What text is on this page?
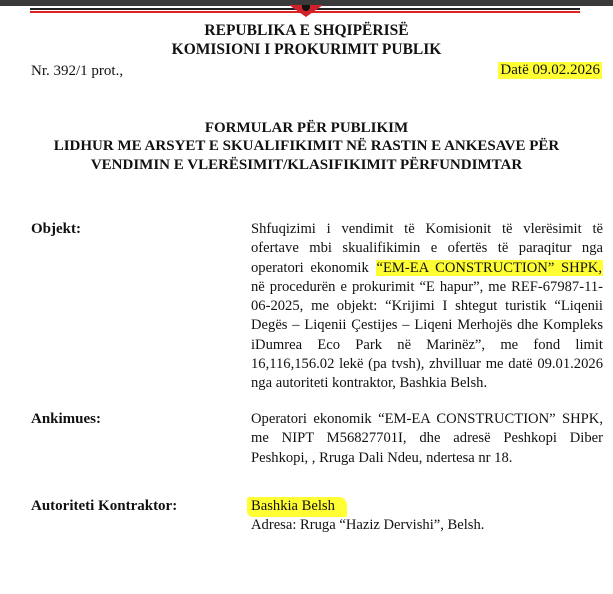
REPUBLIKA E SHQIPËRISË
KOMISIONI I PROKURIMIT PUBLIK
Nr. 392/1 prot.,	Datë 09.02.2026
FORMULAR PËR PUBLIKIM
LIDHUR ME ARSYET E SKUALIFIKIMIT NË RASTIN E ANKESAVE PËR
VENDIMIN E VLERËSIMIT/KLASIFIKIMIT PËRFUNDIMTAR
Objekt:	Shfuqizimi i vendimit të Komisionit të vlerësimit të ofertave mbi skualifikimin e ofertës të paraqitur nga operatori ekonomik “EM-EA CONSTRUCTION” SHPK, në procedurën e prokurimit “E hapur”, me REF-67987-11-06-2025, me objekt: “Krijimi I shtegut turistik “Liqenii Degës – Liqenii Çestijes – Liqeni Merhojës dhe Kompleks iDumrea Eco Park në Marinëz”, me fond limit 16,116,156.02 lekë (pa tvsh), zhvilluar me datë 09.01.2026 nga autoriteti kontraktor, Bashkia Belsh.
Ankimues:	Operatori ekonomik “EM-EA CONSTRUCTION” SHPK, me NIPT M56827701I, dhe adresë Peshkopi Diber Peshkopi, , Rruga Dali Ndeu, ndertesa nr 18.
Autoriteti Kontraktor:	Bashkia Belsh
Adresa: Rruga “Haziz Dervishi”, Belsh.
